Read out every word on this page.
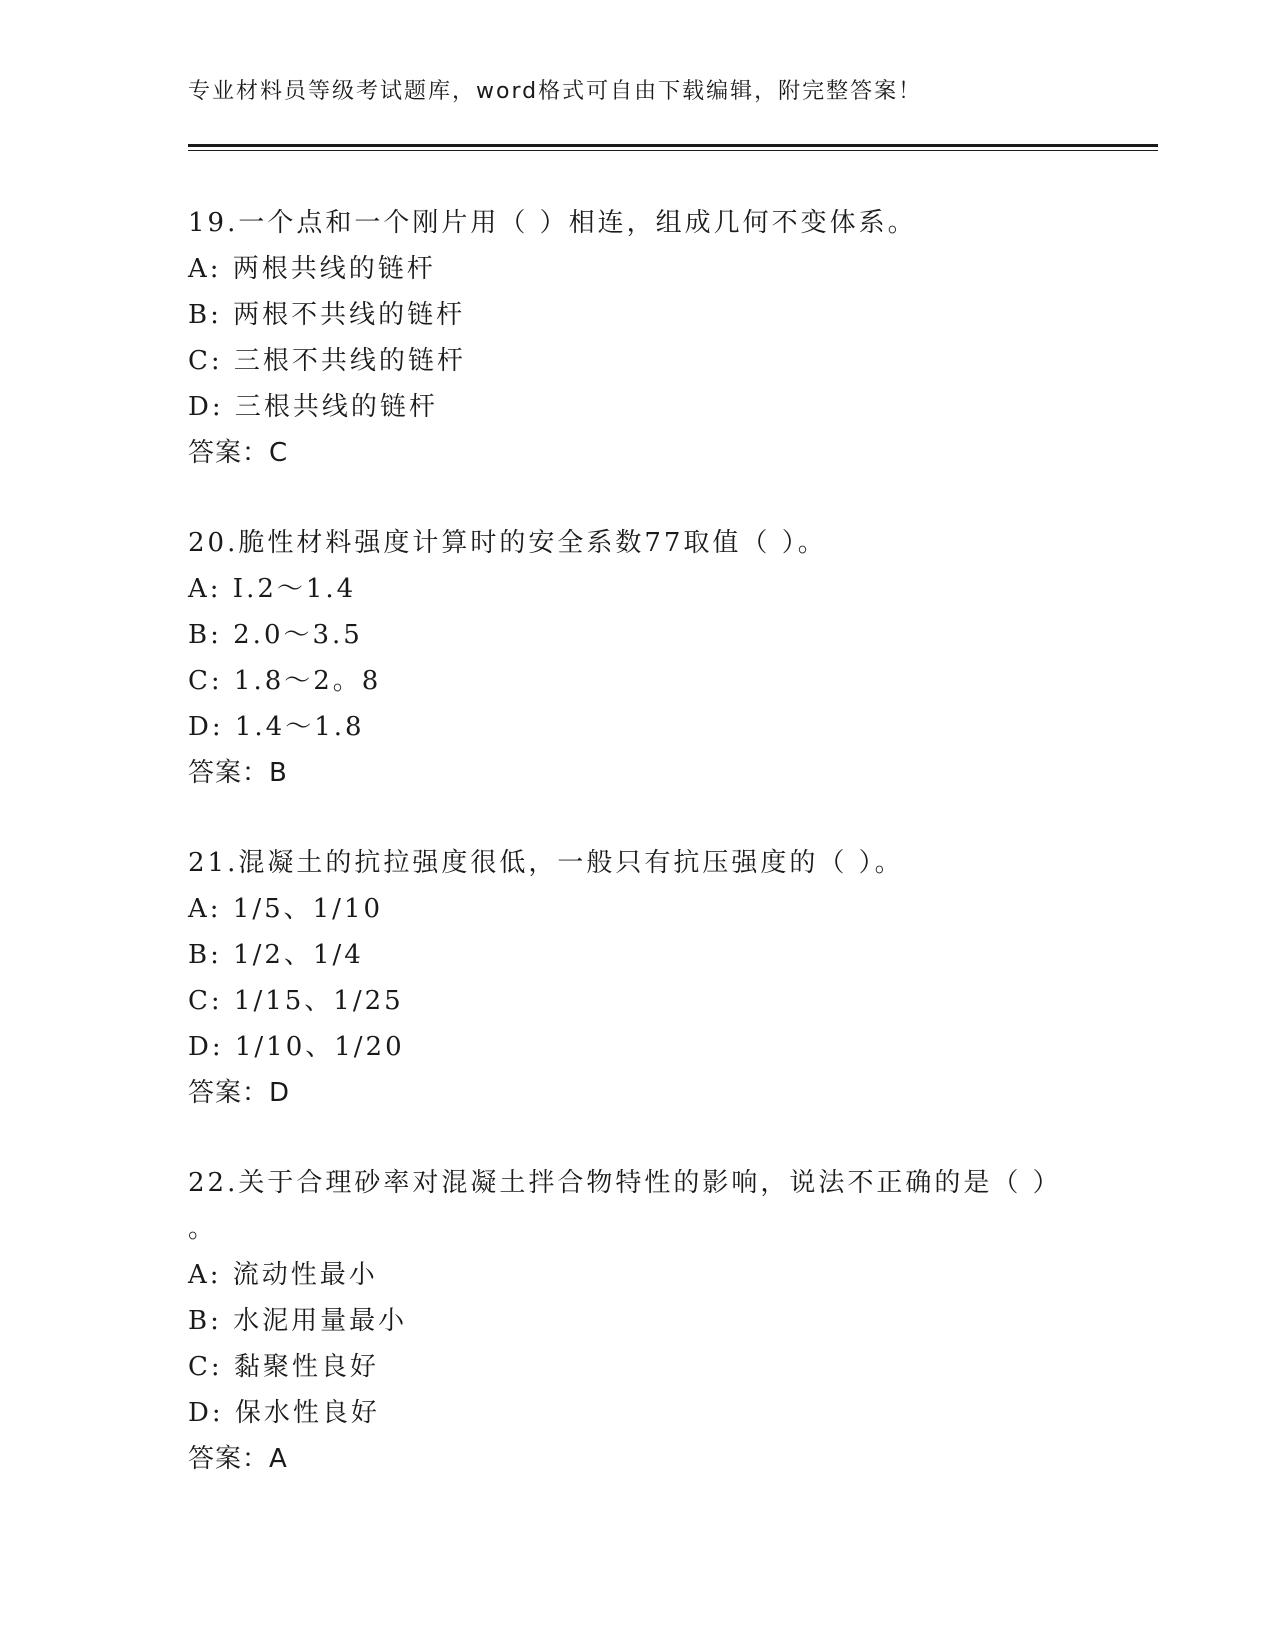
专业材料员等级考试题库，word格式可自由下载编辑，附完整答案！
19.一个点和一个刚片用（ ）相连，组成几何不变体系。
A: 两根共线的链杆
B: 两根不共线的链杆
C: 三根不共线的链杆
D: 三根共线的链杆
答案：C
20.脆性材料强度计算时的安全系数77取值（ ）。
A: I.2～1.4
B: 2.0～3.5
C: 1.8～2。8
D: 1.4～1.8
答案：B
21.混凝土的抗拉强度很低，一般只有抗压强度的（ ）。
A: 1/5、1/10
B: 1/2、1/4
C: 1/15、1/25
D: 1/10、1/20
答案：D
22.关于合理砂率对混凝土拌合物特性的影响，说法不正确的是（ ）
。
A: 流动性最小
B: 水泥用量最小
C: 黏聚性良好
D: 保水性良好
答案：A
